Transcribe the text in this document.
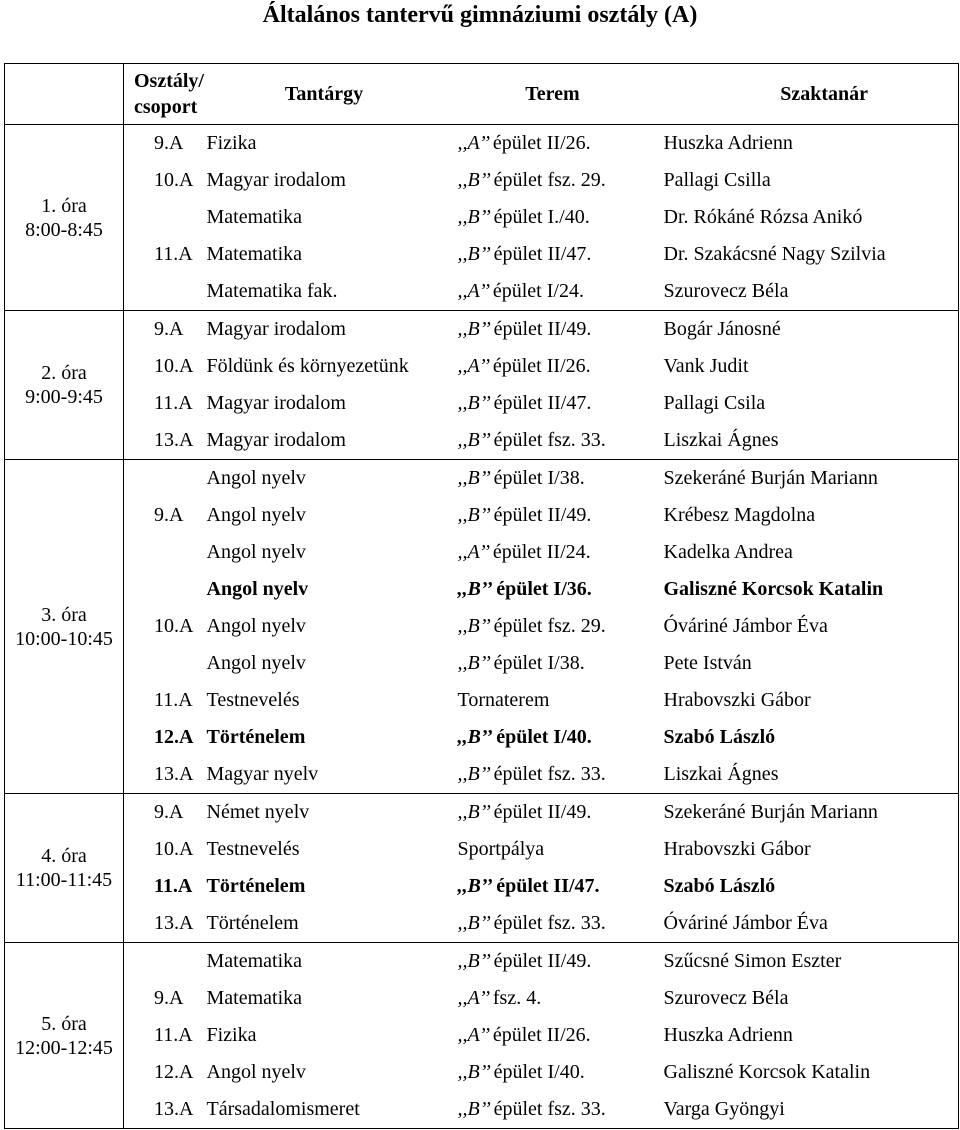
Általános tantervű gimnáziumi osztály (A)

	Osztály/
csoport	Tantárgy	Terem	Szaktanár

1. óra
8:00-8:45	9.A	Fizika	,,A’’ épület II/26.	Huszka Adrienn
	10.A	Magyar irodalom	,,B’’ épület fsz. 29.	Pallagi Csilla
		Matematika	,,B’’ épület I./40.	Dr. Rókáné Rózsa Anikó
	11.A	Matematika	,,B’’ épület II/47.	Dr. Szakácsné Nagy Szilvia
		Matematika fak.	,,A’’ épület I/24.	Szurovecz Béla

2. óra
9:00-9:45	9.A	Magyar irodalom	,,B’’ épület II/49.	Bogár Jánosné
	10.A	Földünk és környezetünk	,,A’’ épület II/26.	Vank Judit
	11.A	Magyar irodalom	,,B’’ épület II/47.	Pallagi Csila
	13.A	Magyar irodalom	,,B’’ épület fsz. 33.	Liszkai Ágnes

3. óra
10:00-10:45		Angol nyelv	,,B’’ épület I/38.	Szekeráné Burján Mariann
	9.A	Angol nyelv	,,B’’ épület II/49.	Krébesz Magdolna
		Angol nyelv	,,A’’ épület II/24.	Kadelka Andrea
		Angol nyelv	,,B’’ épület I/36.	Galiszné Korcsok Katalin
	10.A	Angol nyelv	,,B’’ épület fsz. 29.	Óváriné Jámbor Éva
		Angol nyelv	,,B’’ épület I/38.	Pete István
	11.A	Testnevelés	Tornaterem	Hrabovszki Gábor
	12.A	Történelem	,,B’’ épület I/40.	Szabó László
	13.A	Magyar nyelv	,,B’’ épület fsz. 33.	Liszkai Ágnes

4. óra
11:00-11:45	9.A	Német nyelv	,,B’’ épület II/49.	Szekeráné Burján Mariann
	10.A	Testnevelés	Sportpálya	Hrabovszki Gábor
	11.A	Történelem	,,B’’ épület II/47.	Szabó László
	13.A	Történelem	,,B’’ épület fsz. 33.	Óváriné Jámbor Éva

5. óra
12:00-12:45		Matematika	,,B’’ épület II/49.	Szűcsné Simon Eszter
	9.A	Matematika	,,A’’ fsz. 4.	Szurovecz Béla
	11.A	Fizika	,,A’’ épület II/26.	Huszka Adrienn
	12.A	Angol nyelv	,,B’’ épület I/40.	Galiszné Korcsok Katalin
	13.A	Társadalomismeret	,,B’’ épület fsz. 33.	Varga Gyöngyi
